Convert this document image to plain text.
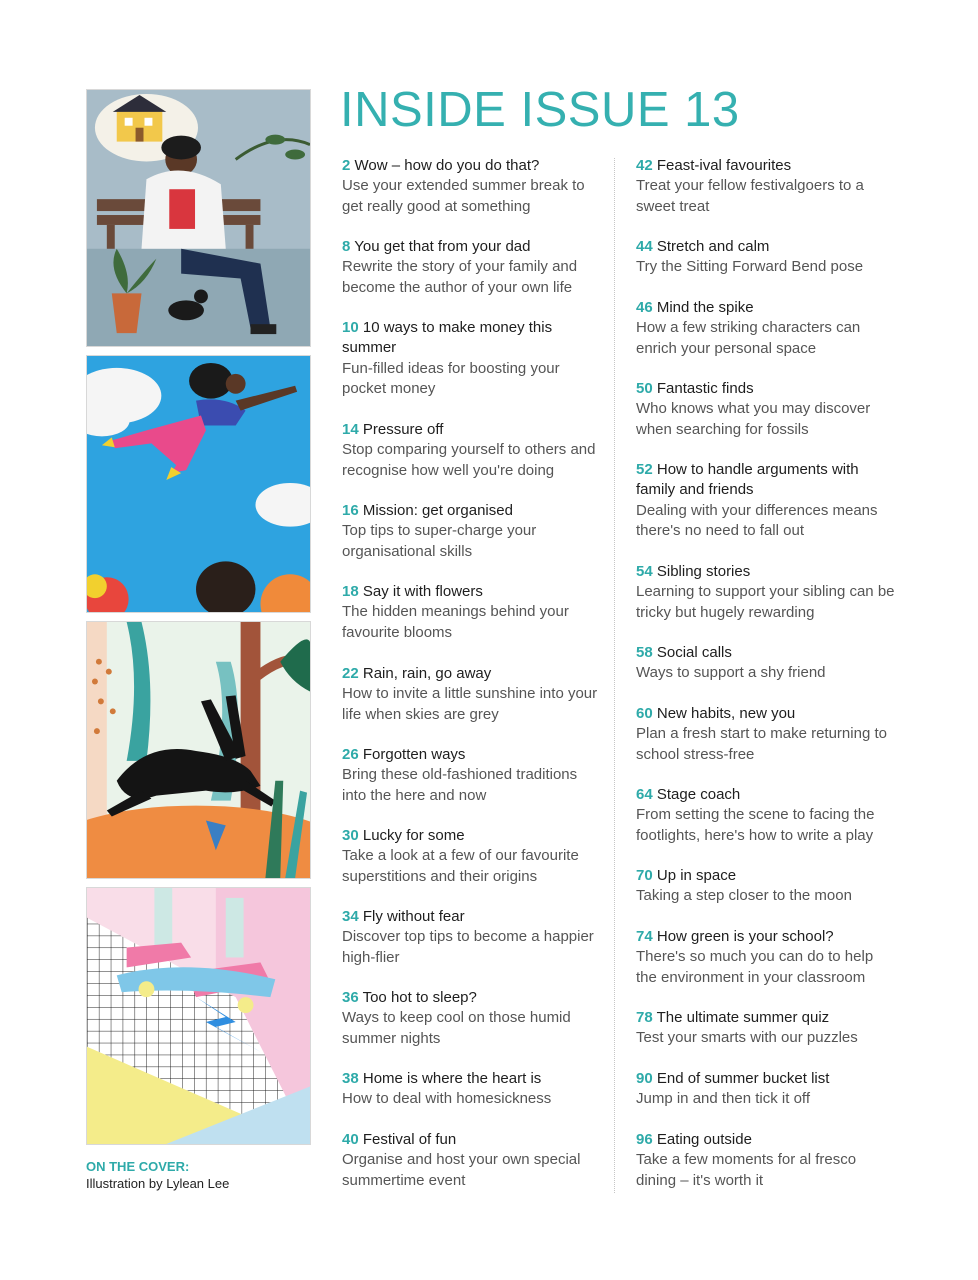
ON THE COVER:
Illustration by Lylean Lee
INSIDE ISSUE 13
2 Wow – how do you do that?
Use your extended summer break to get really good at something
8 You get that from your dad
Rewrite the story of your family and become the author of your own life
10 10 ways to make money this summer
Fun-filled ideas for boosting your pocket money
14 Pressure off
Stop comparing yourself to others and recognise how well you're doing
16 Mission: get organised
Top tips to super-charge your organisational skills
18 Say it with flowers
The hidden meanings behind your favourite blooms
22 Rain, rain, go away
How to invite a little sunshine into your life when skies are grey
26 Forgotten ways
Bring these old-fashioned traditions into the here and now
30 Lucky for some
Take a look at a few of our favourite superstitions and their origins
34 Fly without fear
Discover top tips to become a happier high-flier
36 Too hot to sleep?
Ways to keep cool on those humid summer nights
38 Home is where the heart is
How to deal with homesickness
40 Festival of fun
Organise and host your own special summertime event
42 Feast-ival favourites
Treat your fellow festivalgoers to a sweet treat
44 Stretch and calm
Try the Sitting Forward Bend pose
46 Mind the spike
How a few striking characters can enrich your personal space
50 Fantastic finds
Who knows what you may discover when searching for fossils
52 How to handle arguments with family and friends
Dealing with your differences means there's no need to fall out
54 Sibling stories
Learning to support your sibling can be tricky but hugely rewarding
58 Social calls
Ways to support a shy friend
60 New habits, new you
Plan a fresh start to make returning to school stress-free
64 Stage coach
From setting the scene to facing the footlights, here's how to write a play
70 Up in space
Taking a step closer to the moon
74 How green is your school?
There's so much you can do to help the environment in your classroom
78 The ultimate summer quiz
Test your smarts with our puzzles
90 End of summer bucket list
Jump in and then tick it off
96 Eating outside
Take a few moments for al fresco dining – it's worth it
